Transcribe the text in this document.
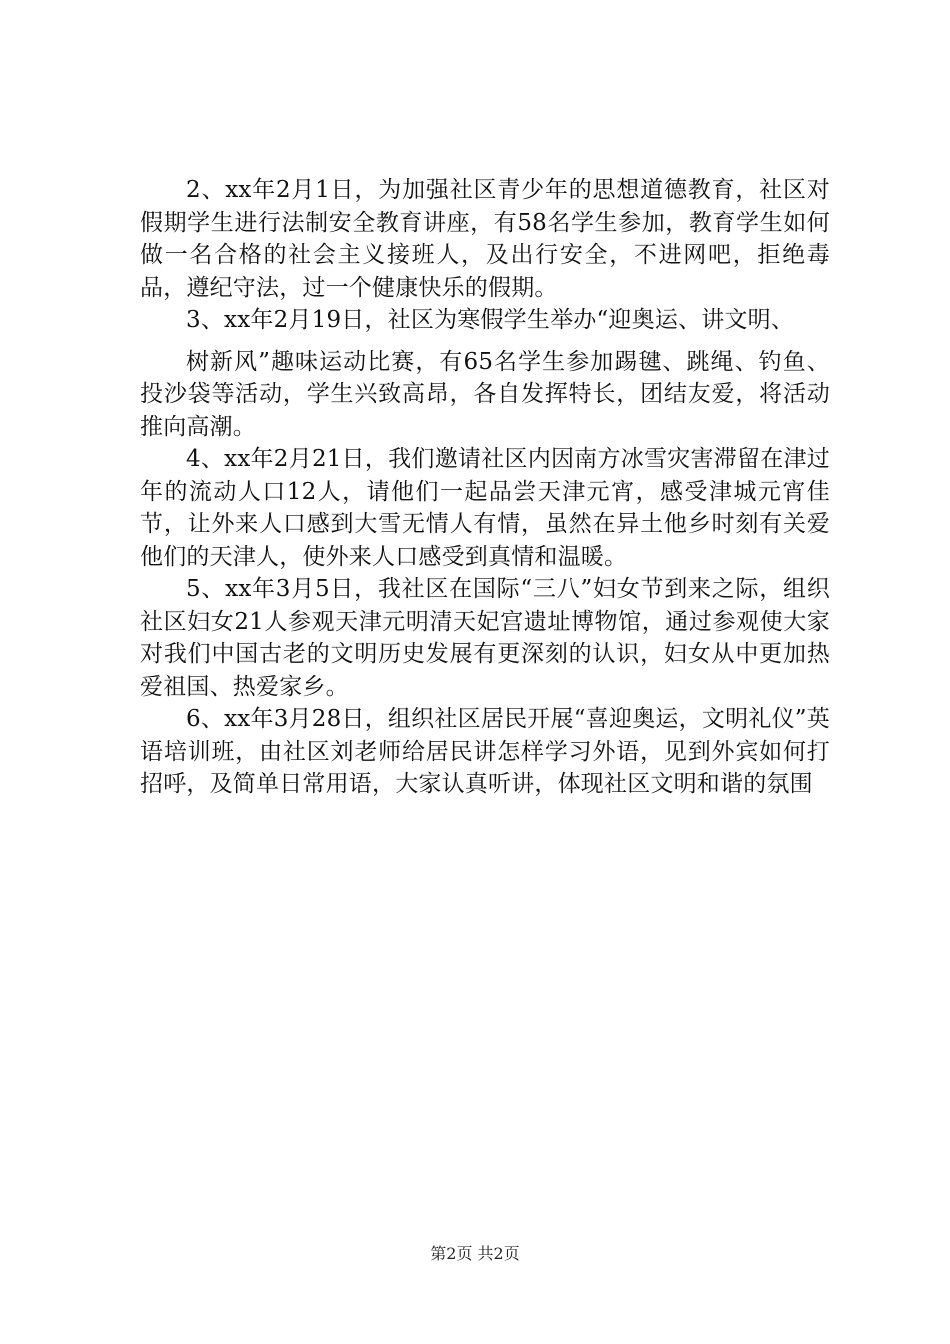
2、xx年2月1日，为加强社区青少年的思想道德教育，社区对假期学生进行法制安全教育讲座，有58名学生参加，教育学生如何做一名合格的社会主义接班人，及出行安全，不进网吧，拒绝毒品，遵纪守法，过一个健康快乐的假期。

3、xx年2月19日，社区为寒假学生举办“迎奥运、讲文明、

树新风”趣味运动比赛，有65名学生参加踢毽、跳绳、钓鱼、投沙袋等活动，学生兴致高昂，各自发挥特长，团结友爱，将活动推向高潮。

4、xx年2月21日，我们邀请社区内因南方冰雪灾害滞留在津过年的流动人口12人，请他们一起品尝天津元宵，感受津城元宵佳节，让外来人口感到大雪无情人有情，虽然在异土他乡时刻有关爱他们的天津人，使外来人口感受到真情和温暖。

5、xx年3月5日，我社区在国际“三八”妇女节到来之际，组织社区妇女21人参观天津元明清天妃宫遗址博物馆，通过参观使大家对我们中国古老的文明历史发展有更深刻的认识，妇女从中更加热爱祖国、热爱家乡。

6、xx年3月28日，组织社区居民开展“喜迎奥运，文明礼仪”英语培训班，由社区刘老师给居民讲怎样学习外语，见到外宾如何打招呼，及简单日常用语，大家认真听讲，体现社区文明和谐的氛围

第2页 共2页
